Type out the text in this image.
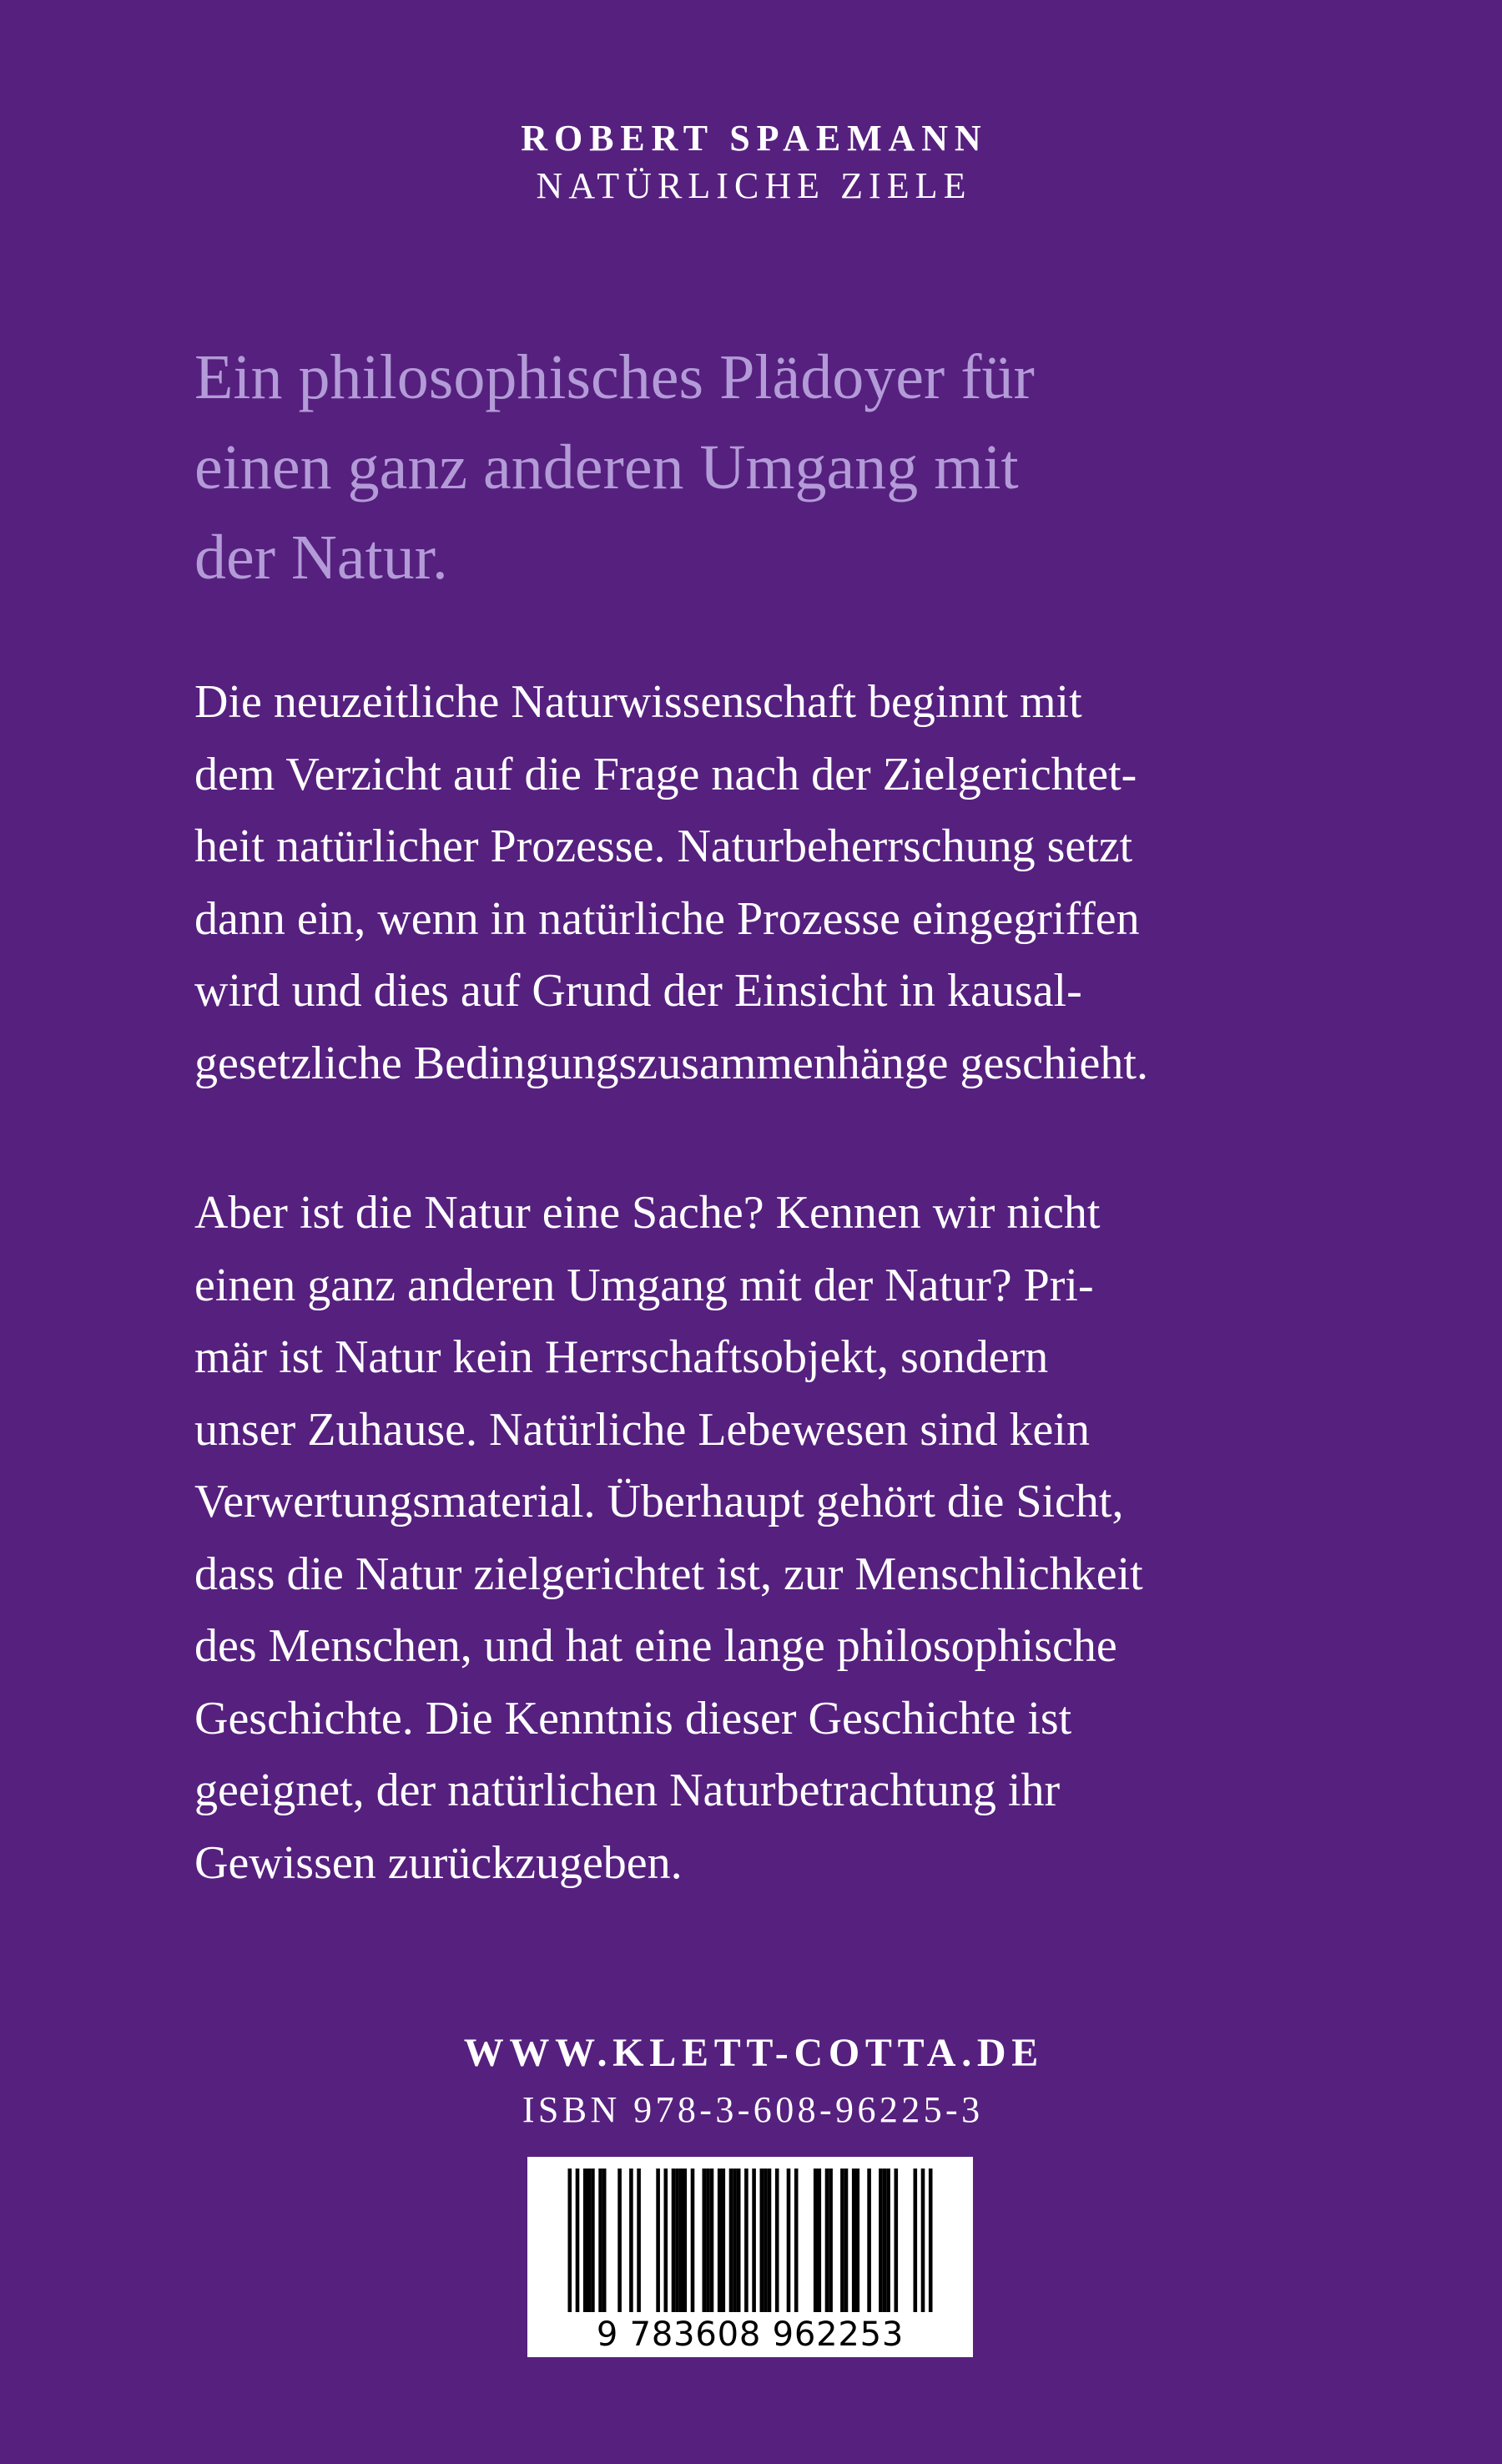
ROBERT SPAEMANN
NATÜRLICHE ZIELE
Ein philosophisches Plädoyer für
einen ganz anderen Umgang mit
der Natur.

Die neuzeitliche Naturwissenschaft beginnt mit
dem Verzicht auf die Frage nach der Zielgerichtet-
heit natürlicher Prozesse. Naturbeherrschung setzt
dann ein, wenn in natürliche Prozesse eingegriffen
wird und dies auf Grund der Einsicht in kausal-
gesetzliche Bedingungszusammenhänge geschieht.

Aber ist die Natur eine Sache? Kennen wir nicht
einen ganz anderen Umgang mit der Natur? Pri-
mär ist Natur kein Herrschaftsobjekt, sondern
unser Zuhause. Natürliche Lebewesen sind kein
Verwertungsmaterial. Überhaupt gehört die Sicht,
dass die Natur zielgerichtet ist, zur Menschlichkeit
des Menschen, und hat eine lange philosophische
Geschichte. Die Kenntnis dieser Geschichte ist
geeignet, der natürlichen Naturbetrachtung ihr
Gewissen zurückzugeben.

WWW.KLETT-COTTA.DE
ISBN 978-3-608-96225-3
9 783608 962253
